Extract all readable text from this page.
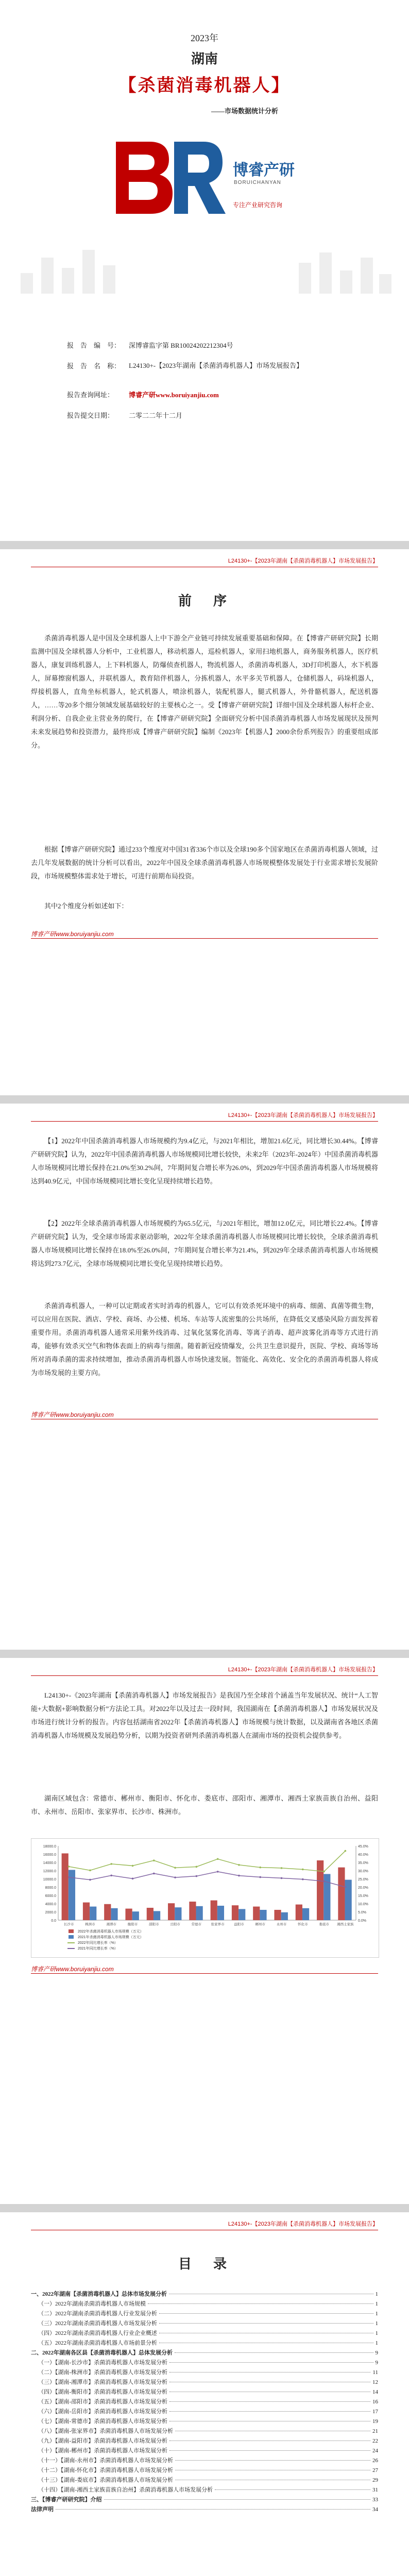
2023年
湖南
【杀菌消毒机器人】
——市场数据统计分析
博睿产研
BORUICHANYAN
专注产业研究咨询
报　告　编　号：	深博睿监字第 BR10024202212304号
报　告　名　称：	L24130+-【2023年湖南【杀菌消毒机器人】市场发展报告】
报告查询网址：	博睿产研www.boruiyanjiu.com
报告提交日期：	二零二二年十二月
L24130+-【2023年湖南【杀菌消毒机器人】市场发展报告】
前　序
杀菌消毒机器人是中国及全球机器人上中下游全产业链可持续发展重要基础和保障。在【博睿产研研究院】长期监测中国及全球机器人分析中，工业机器人，移动机器人，巡检机器人，家用扫地机器人，商务服务机器人，医疗机器人，康复训练机器人，上下料机器人，防爆侦查机器人，物流机器人，杀菌消毒机器人，3D打印机器人，水下机器人，屏幕擦窗机器人，并联机器人，教育陪伴机器人，分拣机器人，水平多关节机器人，仓储机器人，码垛机器人，焊接机器人，直角坐标机器人，轮式机器人，喷涂机器人，装配机器人，腿式机器人，外骨骼机器人，配送机器人，……等20多个细分领域发展基础较好的主要核心之一。受【博睿产研研究院】详细中国及全球机器人标杆企业、利润分析、自我企业主营业务的爬行，在【博睿产研研究院】全面研究分析中国杀菌消毒机器人市场发展现状及预判未来发展趋势和投资潜力，最终形成【博睿产研研究院】编制《2023年【机器人】2000余份系列报告》的重要组成部分。
根据【博睿产研研究院】通过233个维度对中国31省336个市以及全球190多个国家地区在杀菌消毒机器人领域，过去几年发展数据的统计分析可以看出，2022年中国及全球杀菌消毒机器人市场规模整体发展处于行业需求增长发展阶段，市场规模整体需求处于增长，可进行前期布局投资。
其中2个维度分析如述如下：
博睿产研www.boruiyanjiu.com
L24130+-【2023年湖南【杀菌消毒机器人】市场发展报告】
【1】2022年中国杀菌消毒机器人市场规模约为9.4亿元，与2021年相比，增加21.6亿元，同比增长30.44%。【博睿产研研究院】认为，2022年中国杀菌消毒机器人市场规模同比增长较快，未来2年（2023年-2024年）中国杀菌消毒机器人市场规模同比增长保持在21.0%至30.2%间，7年期间复合增长率为26.0%，到2029年中国杀菌消毒机器人市场规模将达到40.9亿元，中国市场规模同比增长变化呈现持续增长趋势。
【2】2022年全球杀菌消毒机器人市场规模约为65.5亿元，与2021年相比，增加12.0亿元，同比增长22.4%。【博睿产研研究院】认为，受全球市场需求驱动影响，2022年全球杀菌消毒机器人市场规模同比增长较快，全球杀菌消毒机器人市场规模同比增长保持在18.0%至26.0%间，7年期间复合增长率为21.4%，到2029年全球杀菌消毒机器人市场规模将达到273.7亿元，全球市场规模同比增长变化呈现持续增长趋势。
杀菌消毒机器人，一种可以定期或者实时消毒的机器人，它可以有效杀死环境中的病毒、细菌、真菌等微生物，可以应用在医院、酒店、学校、商场、办公楼、机场、车站等人流密集的公共场所，在降低交叉感染风险方面发挥着重要作用。杀菌消毒机器人通常采用紫外线消毒、过氧化氢雾化消毒、等离子消毒、超声波雾化消毒等方式进行消毒，能够有效杀灭空气和物体表面上的病毒与细菌。随着新冠疫情爆发，公共卫生意识提升，医院、学校、商场等场所对消毒杀菌的需求持续增加，推动杀菌消毒机器人市场快速发展。智能化、高效化、安全化的杀菌消毒机器人将成为市场发展的主要方向。
博睿产研www.boruiyanjiu.com
L24130+-【2023年湖南【杀菌消毒机器人】市场发展报告】
L24130+-《2023年湖南【杀菌消毒机器人】市场发展报告》是我国乃至全球首个涵盖当年发展状况、统计“人工智能+大数据+影响数据分析”方法论工具。对2022年以及过去一段时间，我国湖南在【杀菌消毒机器人】市场发展状况及市场进行统计分析的报告。内容包括湖南省2022年【杀菌消毒机器人】市场规模与统计数据，以及湖南省各地区杀菌消毒机器人市场规模及发展趋势分析，以期为投资者研判杀菌消毒机器人在湖南市场的投资机会提供参考。
湖南区域包含：常德市、郴州市、衡阳市、怀化市、娄底市、邵阳市、湘潭市、湘西土家族苗族自治州、益阳市、永州市、岳阳市、张家界市、长沙市、株洲市。
18000.0
16000.0
14000.0
12000.0
10000.0
8000.0
6000.0
4000.0
2000.0
0.0
45.0%
40.0%
35.0%
30.0%
25.0%
20.0%
15.0%
10.0%
5.0%
0.0%
长沙市	株洲市	湘潭市	衡阳市	邵阳市	岳阳市	常德市	张家界市	益阳市	郴州市	永州市	怀化市	娄底市 湘西土家族
2022年杀菌消毒机器人市场规模（万元）
2021年杀菌消毒机器人市场规模（万元）
2022年同比增长率（%）
2021年同比增长率（%）
博睿产研www.boruiyanjiu.com
L24130+-【2023年湖南【杀菌消毒机器人】市场发展报告】
目　录
一、2022年湖南【杀菌消毒机器人】总体市场发展分析	1
（一）2022年湖南杀菌消毒机器人市场规模	1
（二）2022年湖南杀菌消毒机器人行业发展分析	1
（三）2022年湖南杀菌消毒机器人市场发展分析	1
（四）2022年湖南杀菌消毒机器人行业企业概述	1
（五）2022年湖南杀菌消毒机器人市场前景分析	1
二、2022年湖南各区县【杀菌消毒机器人】总体发展分析	9
（一）【湖南-长沙市】杀菌消毒机器人市场发展分析	9
（二）【湖南-株洲市】杀菌消毒机器人市场发展分析	11
（三）【湖南-湘潭市】杀菌消毒机器人市场发展分析	12
（四）【湖南-衡阳市】杀菌消毒机器人市场发展分析	14
（五）【湖南-邵阳市】杀菌消毒机器人市场发展分析	16
（六）【湖南-岳阳市】杀菌消毒机器人市场发展分析	17
（七）【湖南-常德市】杀菌消毒机器人市场发展分析	19
（八）【湖南-张家界市】杀菌消毒机器人市场发展分析	21
（九）【湖南-益阳市】杀菌消毒机器人市场发展分析	22
（十）【湖南-郴州市】杀菌消毒机器人市场发展分析	24
（十一）【湖南-永州市】杀菌消毒机器人市场发展分析	26
（十二）【湖南-怀化市】杀菌消毒机器人市场发展分析	27
（十三）【湖南-娄底市】杀菌消毒机器人市场发展分析	29
（十四）【湖南-湘西土家族苗族自治州】杀菌消毒机器人市场发展分析	31
三、【博睿产研研究院】介绍	33
法律声明	34
